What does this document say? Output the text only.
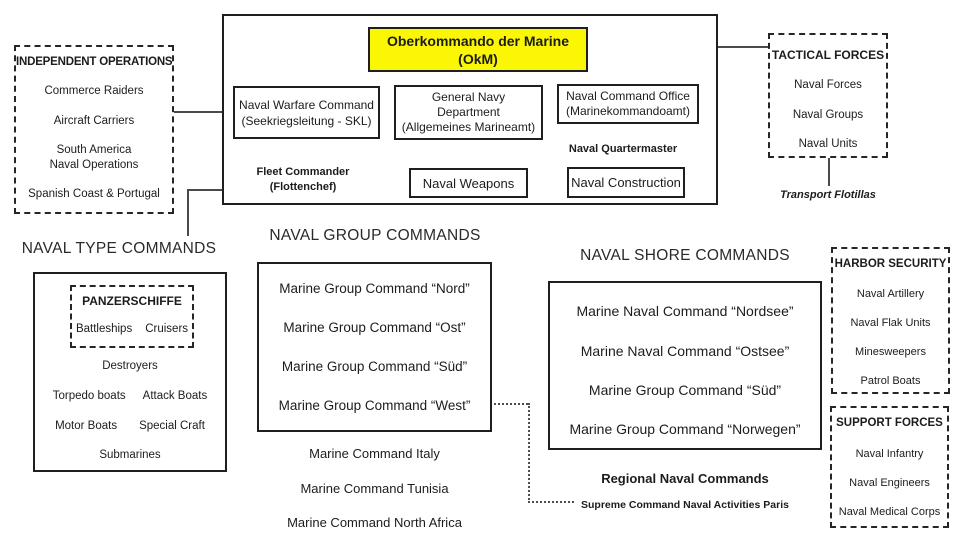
Oberkommando der Marine
(OkM)
Naval Warfare Command
(Seekriegsleitung - SKL)
General Navy
Department
(Allgemeines Marineamt)
Naval Command Office
(Marinekommandoamt)
Naval Quartermaster
Naval Weapons	Naval Construction
Fleet Commander
(Flottenchef)
INDEPENDENT OPERATIONS
Commerce Raiders
Aircraft Carriers
South America
Naval Operations
Spanish Coast & Portugal
TACTICAL FORCES
Naval Forces
Naval Groups
Naval Units
Transport Flotillas
NAVAL TYPE COMMANDS
PANZERSCHIFFE
Battleships Cruisers
Destroyers
Torpedo boats Attack Boats
Motor Boats Special Craft
Submarines
NAVAL GROUP COMMANDS
Marine Group Command “Nord”
Marine Group Command “Ost”
Marine Group Command “Süd”
Marine Group Command “West”
Marine Command Italy
Marine Command Tunisia
Marine Command North Africa
NAVAL SHORE COMMANDS
Marine Naval Command “Nordsee”
Marine Naval Command “Ostsee”
Marine Group Command “Süd”
Marine Group Command “Norwegen”
Regional Naval Commands
Supreme Command Naval Activities Paris
HARBOR SECURITY
Naval Artillery
Naval Flak Units
Minesweepers
Patrol Boats
SUPPORT FORCES
Naval Infantry
Naval Engineers
Naval Medical Corps
